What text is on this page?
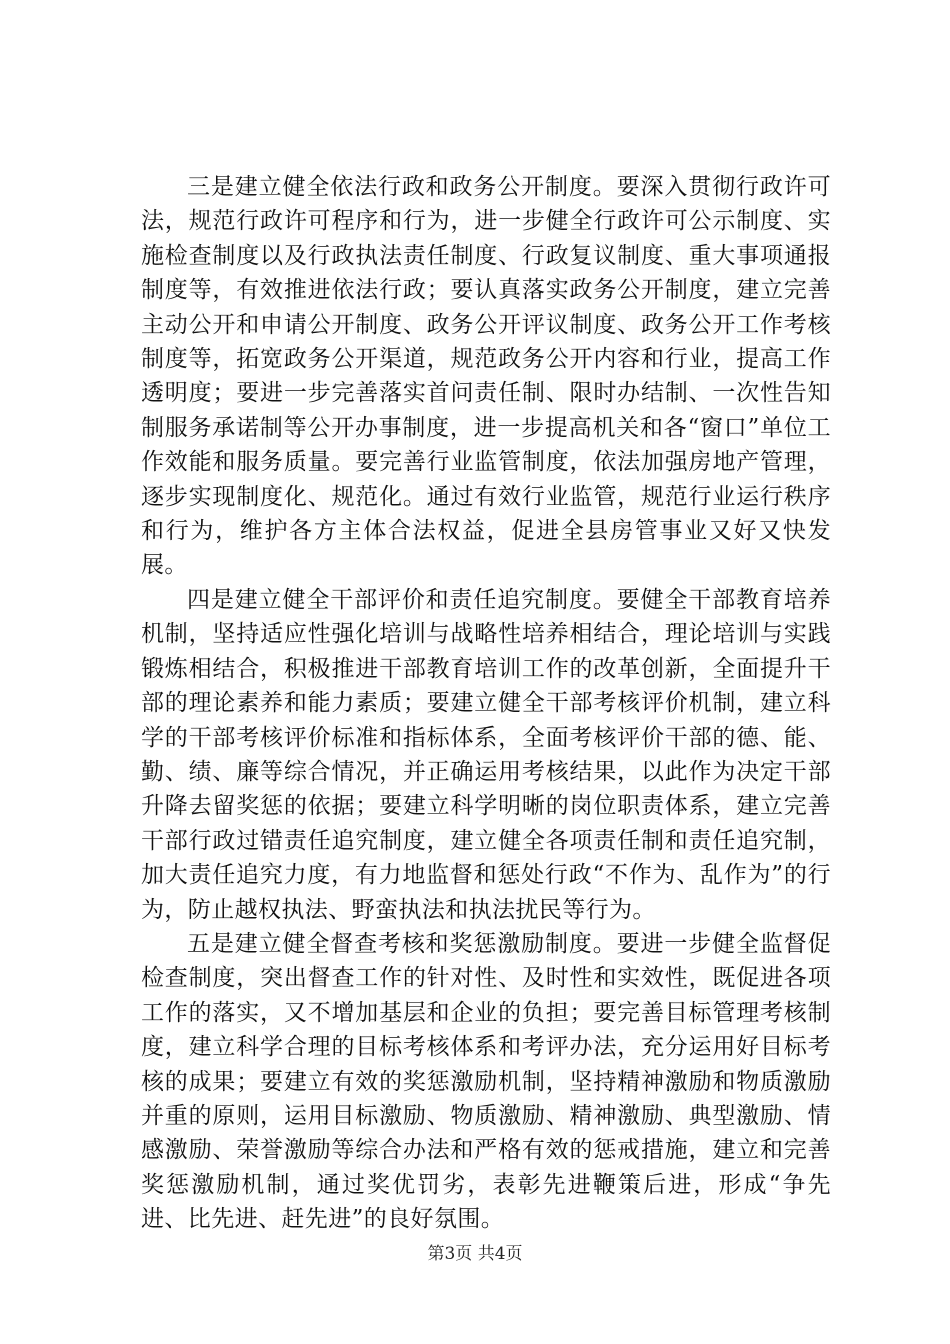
三是建立健全依法行政和政务公开制度。要深入贯彻行政许可法，规范行政许可程序和行为，进一步健全行政许可公示制度、实施检查制度以及行政执法责任制度、行政复议制度、重大事项通报制度等，有效推进依法行政；要认真落实政务公开制度，建立完善主动公开和申请公开制度、政务公开评议制度、政务公开工作考核制度等，拓宽政务公开渠道，规范政务公开内容和行业，提高工作透明度；要进一步完善落实首问责任制、限时办结制、一次性告知制服务承诺制等公开办事制度，进一步提高机关和各“窗口”单位工作效能和服务质量。要完善行业监管制度，依法加强房地产管理，逐步实现制度化、规范化。通过有效行业监管，规范行业运行秩序和行为，维护各方主体合法权益，促进全县房管事业又好又快发展。

四是建立健全干部评价和责任追究制度。要健全干部教育培养机制，坚持适应性强化培训与战略性培养相结合，理论培训与实践锻炼相结合，积极推进干部教育培训工作的改革创新，全面提升干部的理论素养和能力素质；要建立健全干部考核评价机制，建立科学的干部考核评价标准和指标体系，全面考核评价干部的德、能、勤、绩、廉等综合情况，并正确运用考核结果，以此作为决定干部升降去留奖惩的依据；要建立科学明晰的岗位职责体系，建立完善干部行政过错责任追究制度，建立健全各项责任制和责任追究制，加大责任追究力度，有力地监督和惩处行政“不作为、乱作为”的行为，防止越权执法、野蛮执法和执法扰民等行为。

五是建立健全督查考核和奖惩激励制度。要进一步健全监督促检查制度，突出督查工作的针对性、及时性和实效性，既促进各项工作的落实，又不增加基层和企业的负担；要完善目标管理考核制度，建立科学合理的目标考核体系和考评办法，充分运用好目标考核的成果；要建立有效的奖惩激励机制，坚持精神激励和物质激励并重的原则，运用目标激励、物质激励、精神激励、典型激励、情感激励、荣誉激励等综合办法和严格有效的惩戒措施，建立和完善奖惩激励机制，通过奖优罚劣，表彰先进鞭策后进，形成“争先进、比先进、赶先进”的良好氛围。

第3页 共4页
